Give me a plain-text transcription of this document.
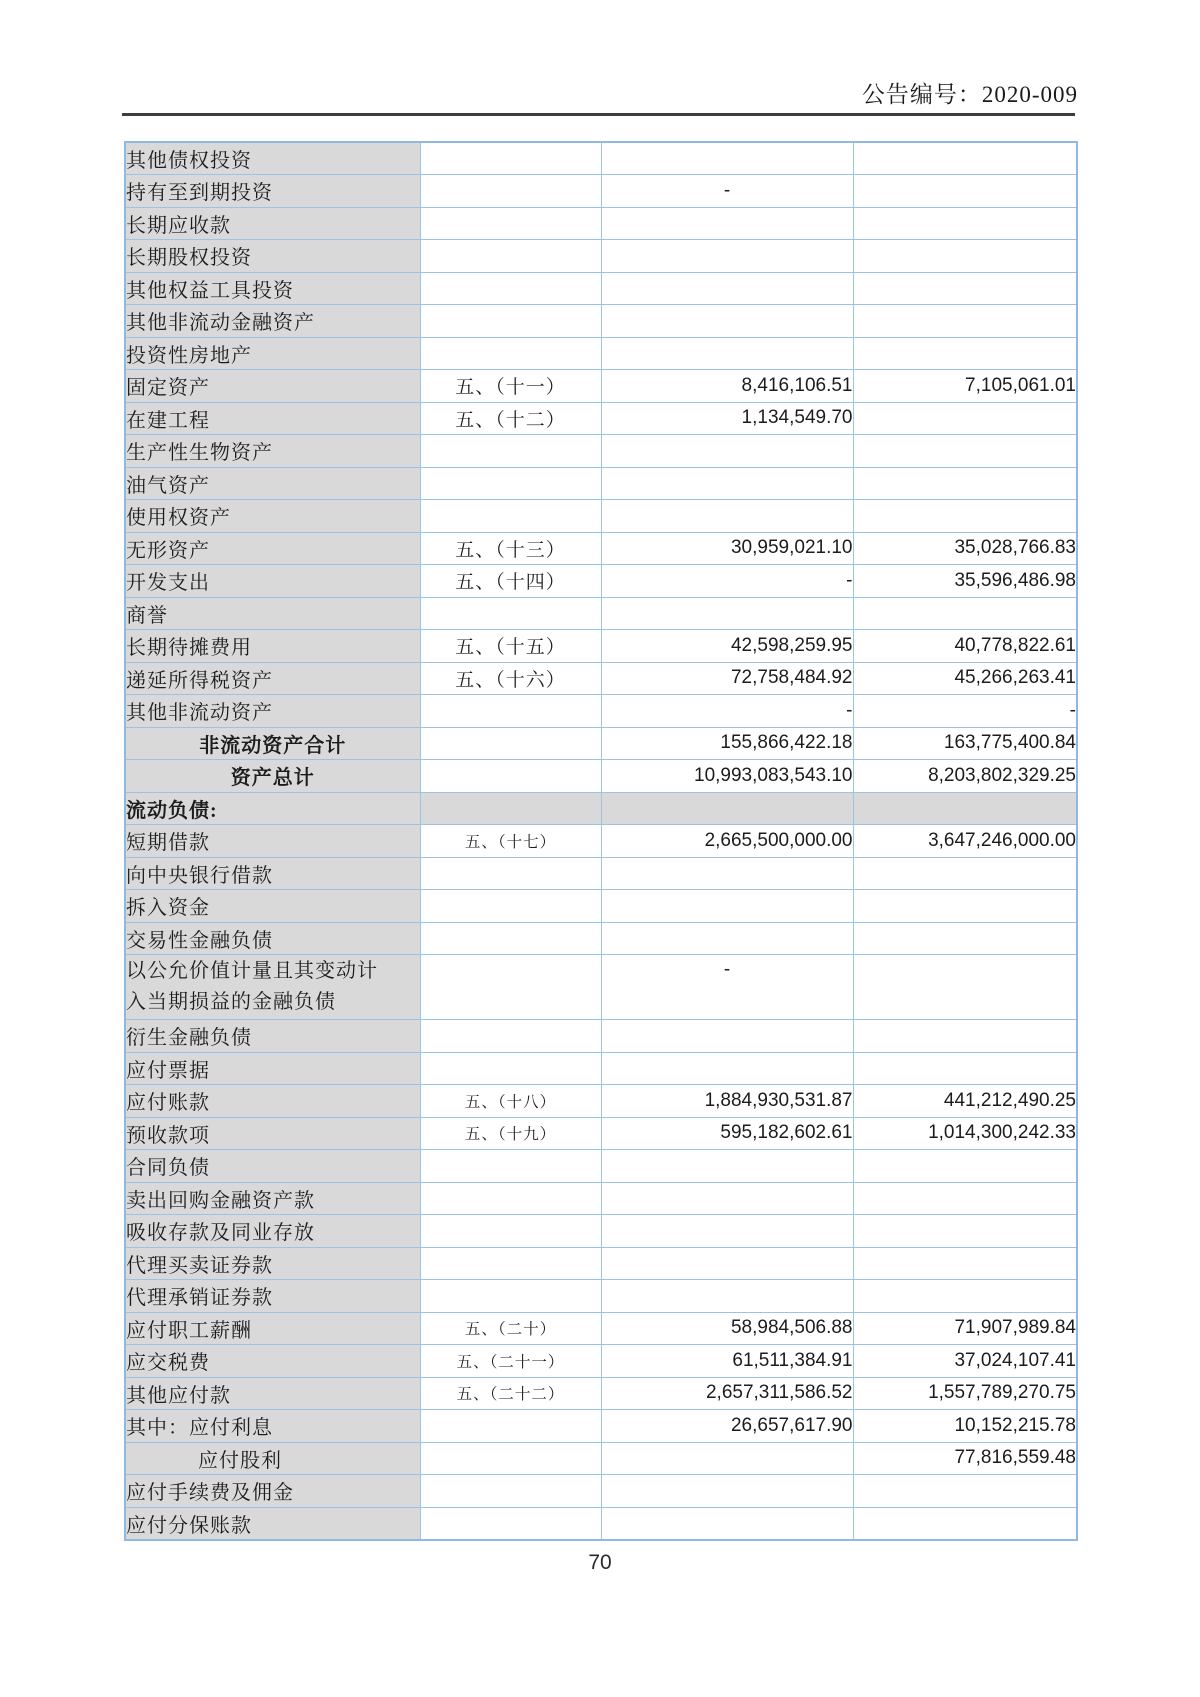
公告编号：2020-009
其他债权投资			
持有至到期投资		-	
长期应收款			
长期股权投资			
其他权益工具投资			
其他非流动金融资产			
投资性房地产			
固定资产	五、（十一）	8,416,106.51	7,105,061.01
在建工程	五、（十二）	1,134,549.70	
生产性生物资产			
油气资产			
使用权资产			
无形资产	五、（十三）	30,959,021.10	35,028,766.83
开发支出	五、（十四）	-	35,596,486.98
商誉			
长期待摊费用	五、（十五）	42,598,259.95	40,778,822.61
递延所得税资产	五、（十六）	72,758,484.92	45,266,263.41
其他非流动资产		-	-
非流动资产合计		155,866,422.18	163,775,400.84
资产总计		10,993,083,543.10	8,203,802,329.25
流动负债:			
短期借款	五、（十七）	2,665,500,000.00	3,647,246,000.00
向中央银行借款			
拆入资金			
交易性金融负债			

以公允价值计量且其变动计
入当期损益的金融负债		-	
衍生金融负债			
应付票据			
应付账款	五、（十八）	1,884,930,531.87	441,212,490.25
预收款项	五、（十九）	595,182,602.61	1,014,300,242.33
合同负债			
卖出回购金融资产款			
吸收存款及同业存放			
代理买卖证券款			
代理承销证券款			
应付职工薪酬	五、（二十）	58,984,506.88	71,907,989.84
应交税费	五、（二十一）	61,511,384.91	37,024,107.41
其他应付款	五、（二十二）	2,657,311,586.52	1,557,789,270.75
其中：应付利息		26,657,617.90	10,152,215.78
应付股利			77,816,559.48
应付手续费及佣金			
应付分保账款			
70
